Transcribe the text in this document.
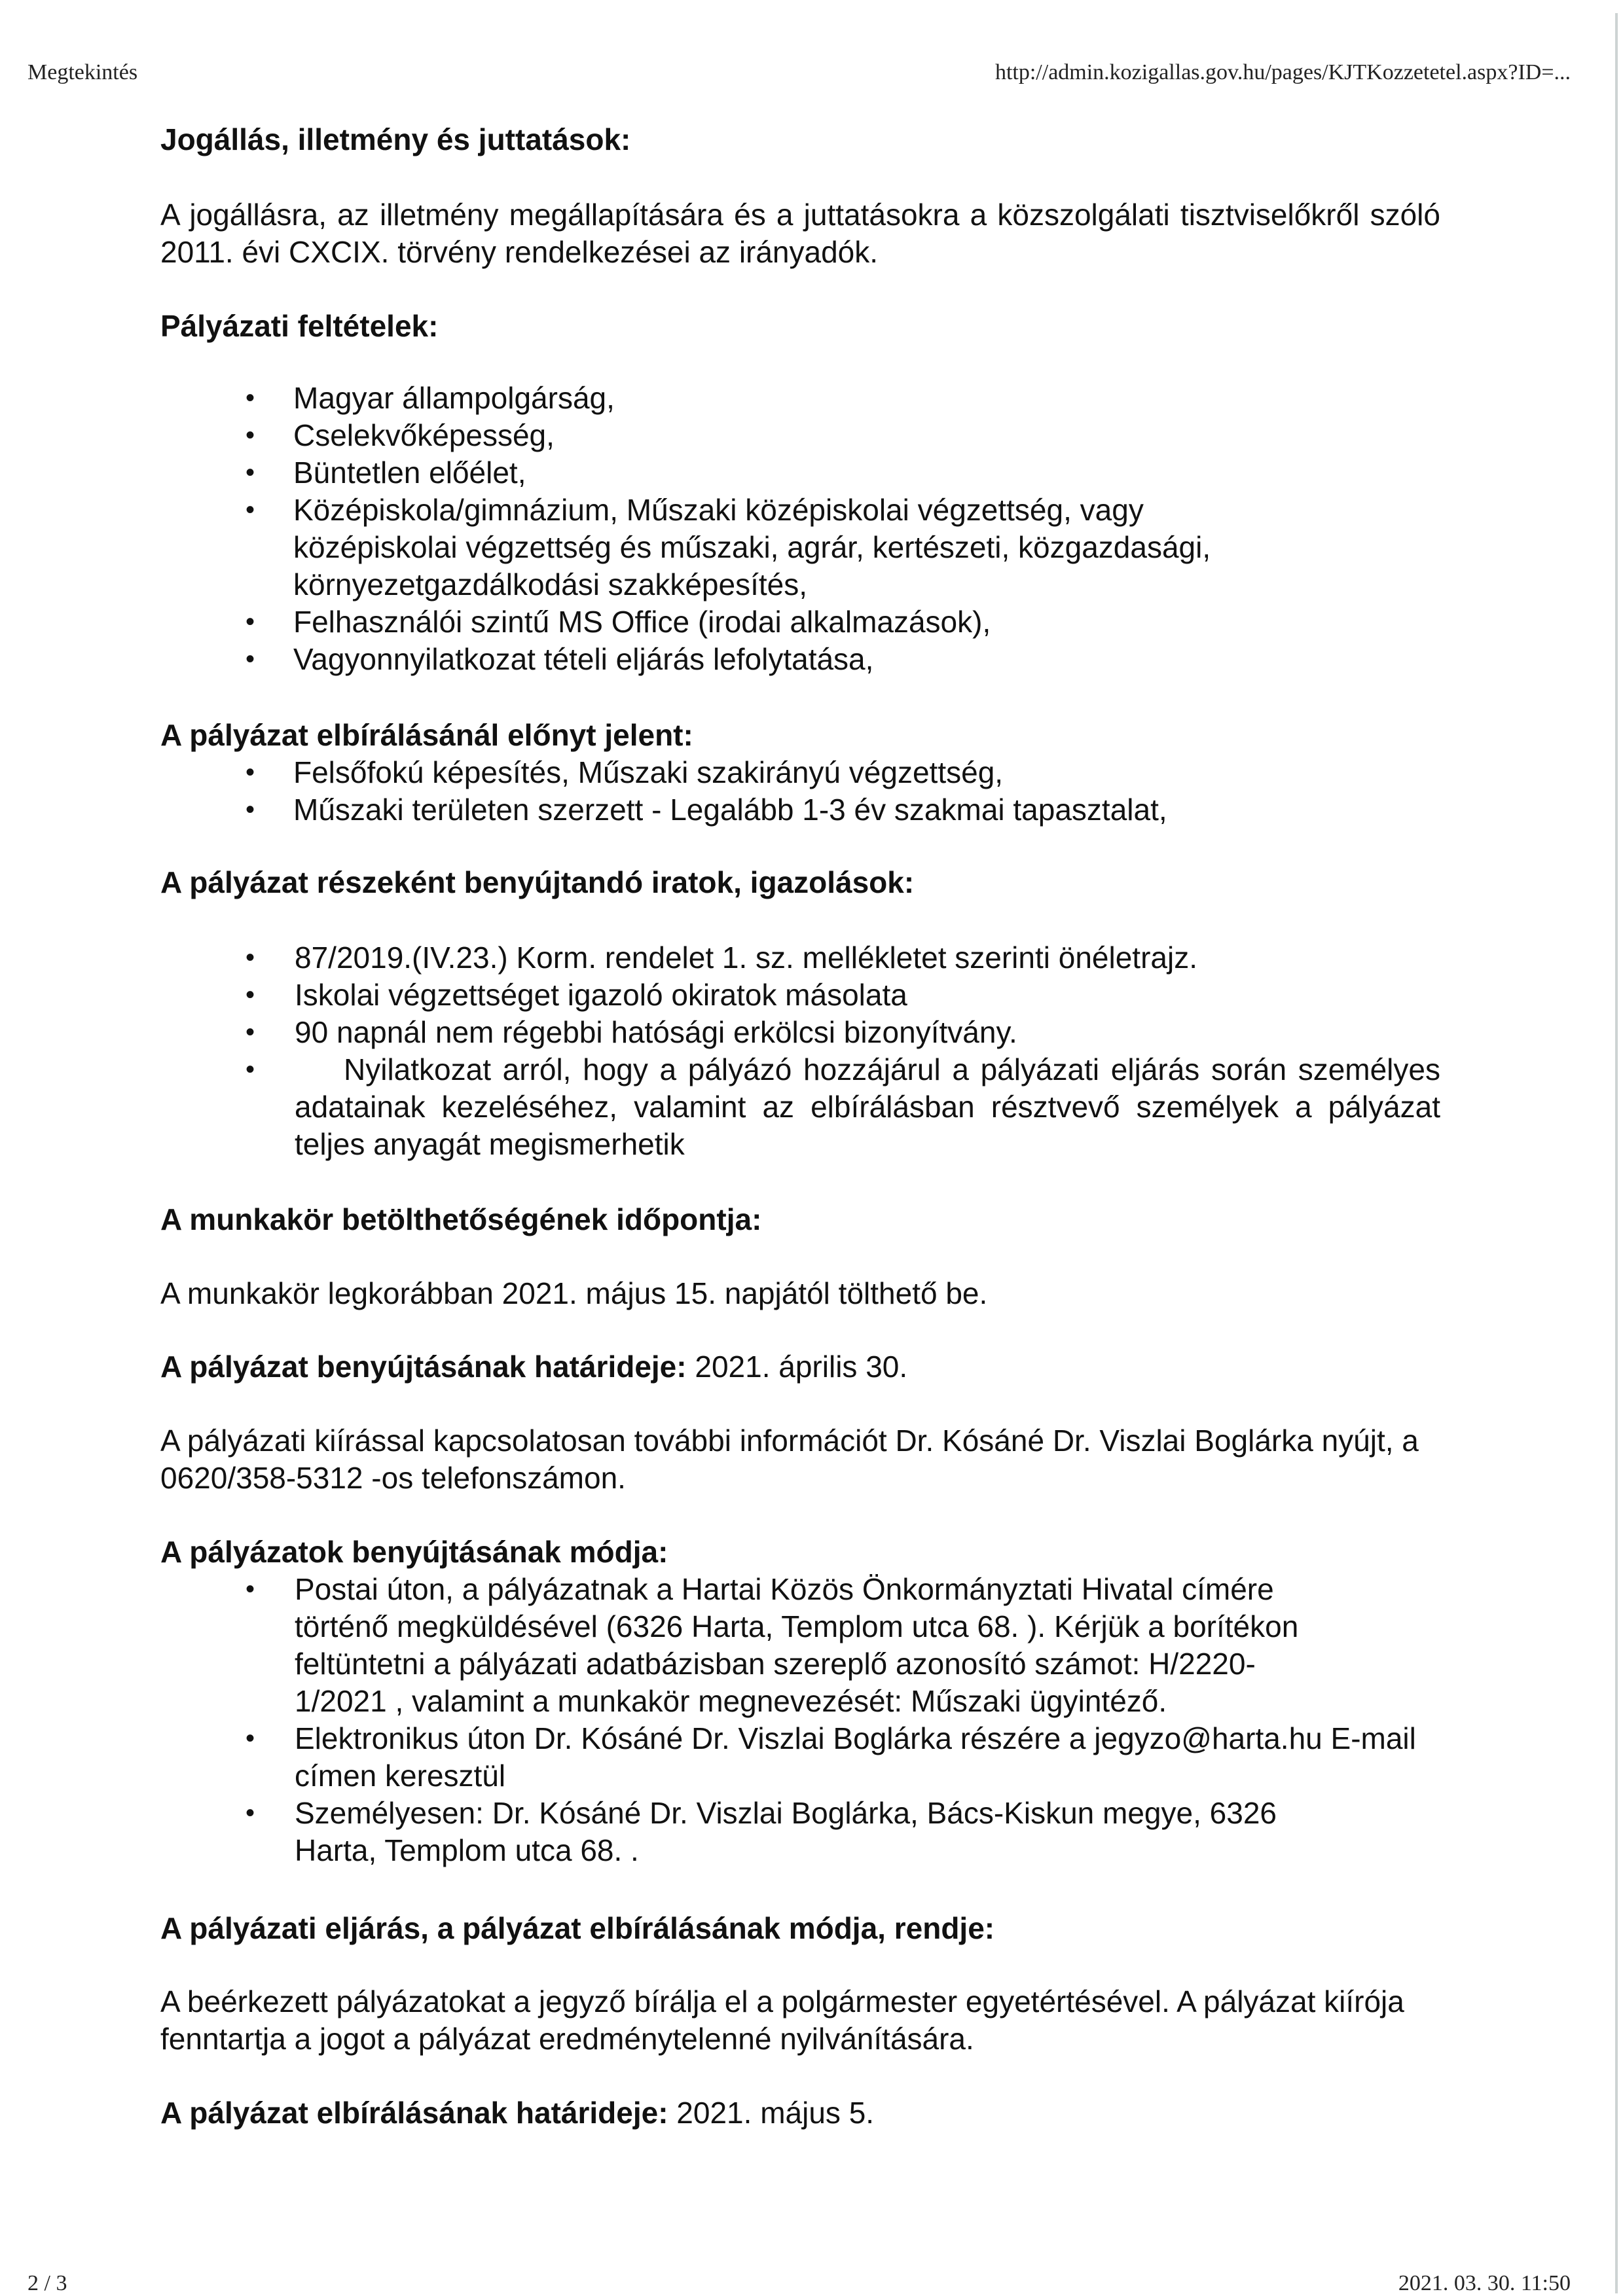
Megtekintés	http://admin.kozigallas.gov.hu/pages/KJTKozzetetel.aspx?ID=...
Jogállás, illetmény és juttatások:
A jogállásra, az illetmény megállapítására és a juttatásokra a közszolgálati tisztviselőkről szóló 2011. évi CXCIX. törvény rendelkezései az irányadók.
Pályázati feltételek:
• Magyar állampolgárság,
• Cselekvőképesség,
• Büntetlen előélet,
• Középiskola/gimnázium, Műszaki középiskolai végzettség, vagy középiskolai végzettség és műszaki, agrár, kertészeti, közgazdasági, környezetgazdálkodási szakképesítés,
• Felhasználói szintű MS Office (irodai alkalmazások),
• Vagyonnyilatkozat tételi eljárás lefolytatása,
A pályázat elbírálásánál előnyt jelent:
• Felsőfokú képesítés, Műszaki szakirányú végzettség,
• Műszaki területen szerzett - Legalább 1-3 év szakmai tapasztalat,
A pályázat részeként benyújtandó iratok, igazolások:
• 87/2019.(IV.23.) Korm. rendelet 1. sz. mellékletet szerinti önéletrajz.
• Iskolai végzettséget igazoló okiratok másolata
• 90 napnál nem régebbi hatósági erkölcsi bizonyítvány.
•	Nyilatkozat arról, hogy a pályázó hozzájárul a pályázati eljárás során személyes adatainak kezeléséhez, valamint az elbírálásban résztvevő személyek a pályázat teljes anyagát megismerhetik
A munkakör betölthetőségének időpontja:
A munkakör legkorábban 2021. május 15. napjától tölthető be.
A pályázat benyújtásának határideje: 2021. április 30.
A pályázati kiírással kapcsolatosan további információt Dr. Kósáné Dr. Viszlai Boglárka nyújt, a 0620/358-5312 -os telefonszámon.
A pályázatok benyújtásának módja:
• Postai úton, a pályázatnak a Hartai Közös Önkormányztati Hivatal címére történő megküldésével (6326 Harta, Templom utca 68. ). Kérjük a borítékon feltüntetni a pályázati adatbázisban szereplő azonosító számot: H/2220-1/2021 , valamint a munkakör megnevezését: Műszaki ügyintéző.
• Elektronikus úton Dr. Kósáné Dr. Viszlai Boglárka részére a jegyzo@harta.hu E-mail címen keresztül
• Személyesen: Dr. Kósáné Dr. Viszlai Boglárka, Bács-Kiskun megye, 6326 Harta, Templom utca 68. .
A pályázati eljárás, a pályázat elbírálásának módja, rendje:
A beérkezett pályázatokat a jegyző bírálja el a polgármester egyetértésével. A pályázat kiírója fenntartja a jogot a pályázat eredménytelenné nyilvánítására.
A pályázat elbírálásának határideje: 2021. május 5.
2 / 3	2021. 03. 30. 11:50
